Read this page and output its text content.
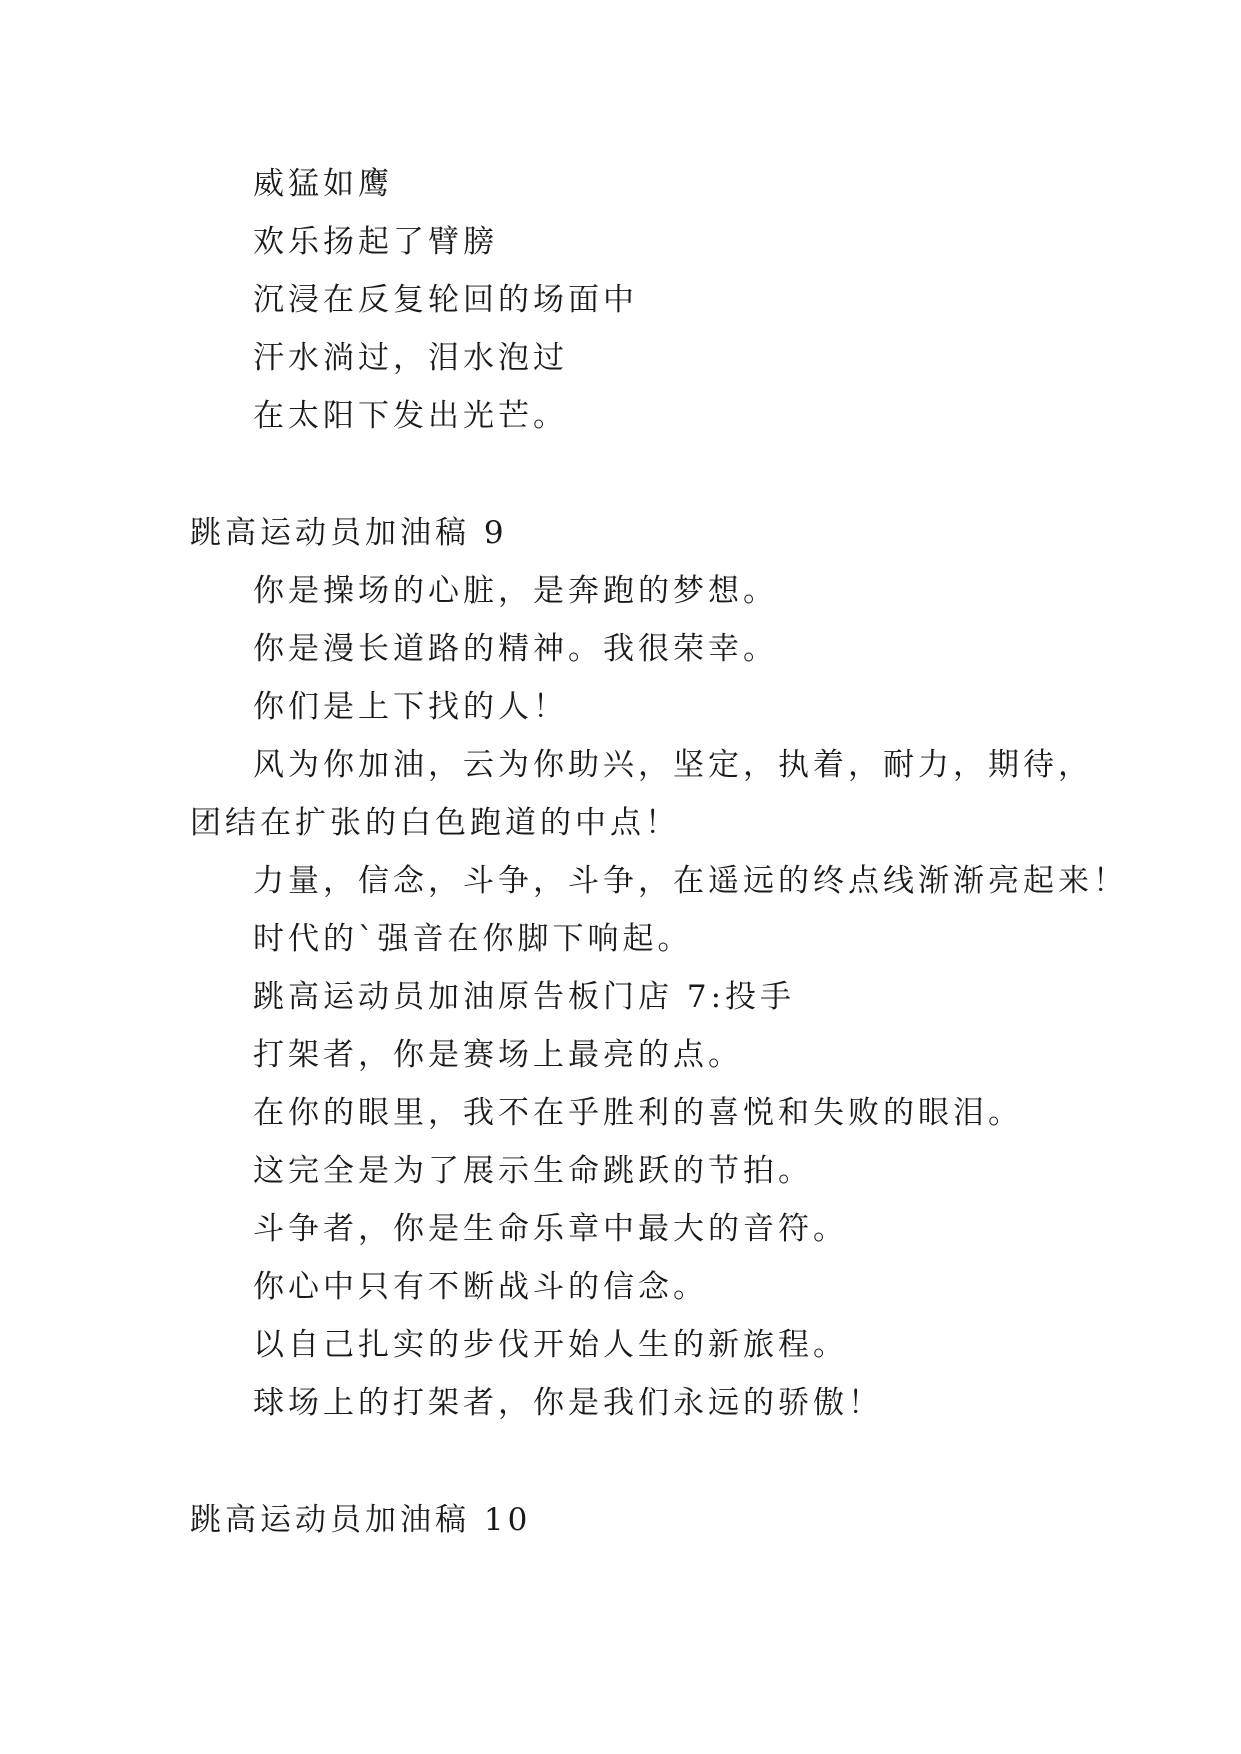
威猛如鹰
欢乐扬起了臂膀
沉浸在反复轮回的场面中
汗水淌过，泪水泡过
在太阳下发出光芒。
跳高运动员加油稿 9
你是操场的心脏，是奔跑的梦想。
你是漫长道路的精神。我很荣幸。
你们是上下找的人！
风为你加油，云为你助兴，坚定，执着，耐力，期待，
团结在扩张的白色跑道的中点！
力量，信念，斗争，斗争，在遥远的终点线渐渐亮起来！
时代的`强音在你脚下响起。
跳高运动员加油原告板门店 7:投手
打架者，你是赛场上最亮的点。
在你的眼里，我不在乎胜利的喜悦和失败的眼泪。
这完全是为了展示生命跳跃的节拍。
斗争者，你是生命乐章中最大的音符。
你心中只有不断战斗的信念。
以自己扎实的步伐开始人生的新旅程。
球场上的打架者，你是我们永远的骄傲！
跳高运动员加油稿 10
